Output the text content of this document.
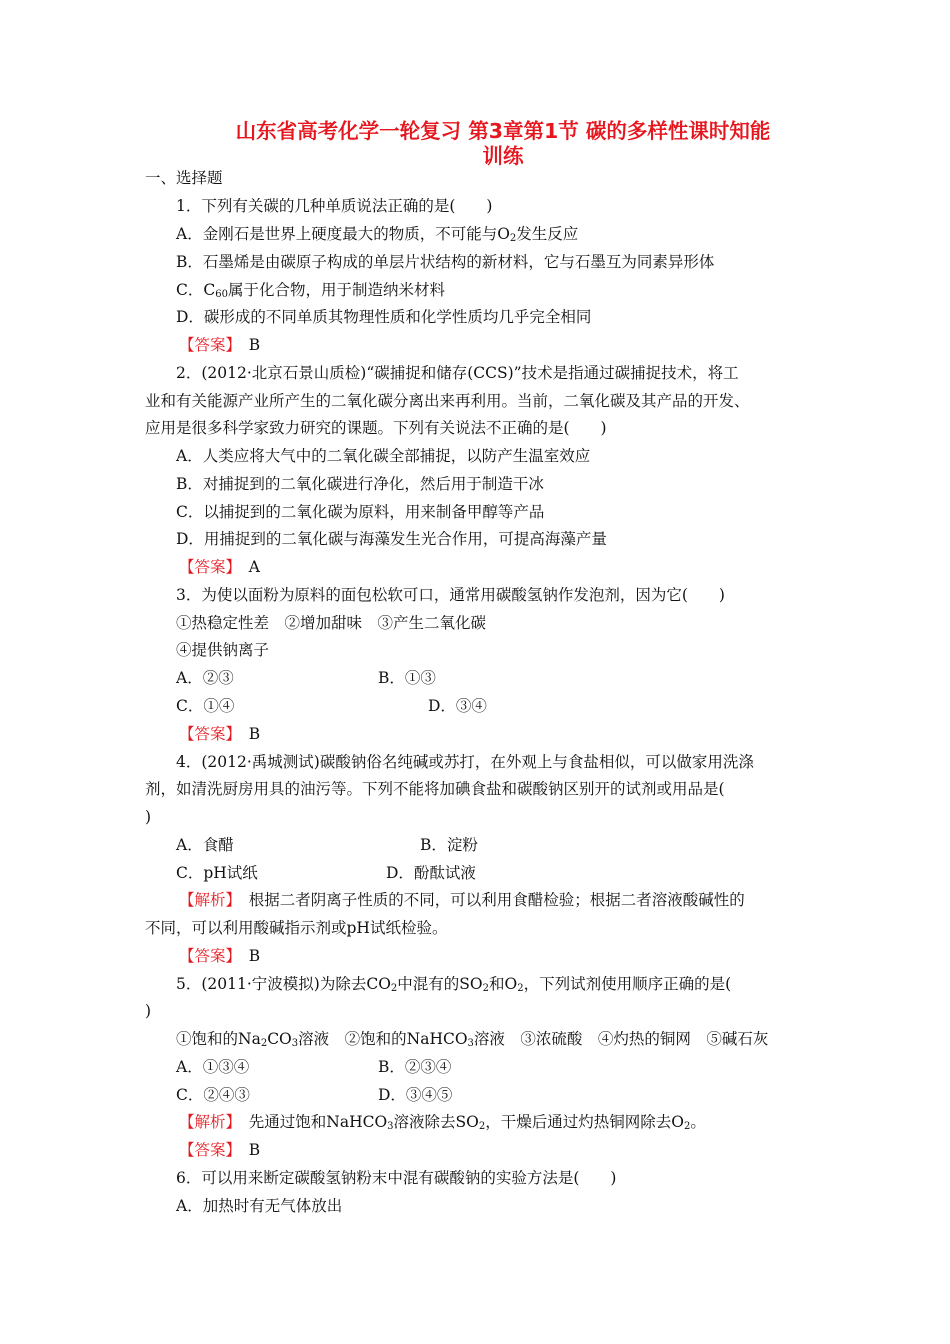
山东省高考化学一轮复习 第3章第1节 碳的多样性课时知能
训练
一、选择题
1．下列有关碳的几种单质说法正确的是(　　)
A．金刚石是世界上硬度最大的物质，不可能与$O_2$发生反应
B．石墨烯是由碳原子构成的单层片状结构的新材料，它与石墨互为同素异形体
C．$C_{60}$属于化合物，用于制造纳米材料
D．碳形成的不同单质其物理性质和化学性质均几乎完全相同
【答案】　 B
2．(2012·北京石景山质检)“碳捕捉和储存(CCS)”技术是指通过碳捕捉技术，将工
业和有关能源产业所产生的二氧化碳分离出来再利用。当前，二氧化碳及其产品的开发、
应用是很多科学家致力研究的课题。下列有关说法不正确的是(　　)
A．人类应将大气中的二氧化碳全部捕捉，以防产生温室效应
B．对捕捉到的二氧化碳进行净化，然后用于制造干冰
C．以捕捉到的二氧化碳为原料，用来制备甲醇等产品
D．用捕捉到的二氧化碳与海藻发生光合作用，可提高海藻产量
【答案】　 A
3．为使以面粉为原料的面包松软可口，通常用碳酸氢钠作发泡剂，因为它(　　)
①热稳定性差　②增加甜味　③产生二氧化碳
④提供钠离子
A．②③	B．①③
C．①④	D．③④
【答案】　 B
4．(2012·禹城测试)碳酸钠俗名纯碱或苏打，在外观上与食盐相似，可以做家用洗涤
剂，如清洗厨房用具的油污等。下列不能将加碘食盐和碳酸钠区别开的试剂或用品是(
)
A．食醋	B．淀粉
C．pH试纸	D．酚酞试液
【解析】　 根据二者阴离子性质的不同，可以利用食醋检验；根据二者溶液酸碱性的
不同，可以利用酸碱指示剂或pH试纸检验。
【答案】　 B
5．(2011·宁波模拟)为除去$CO_2$中混有的$SO_2$和$O_2$，下列试剂使用顺序正确的是(
)
①饱和的$Na_2CO_3$溶液　②饱和的NaHCO$_3$溶液　③浓硫酸　④灼热的铜网　⑤碱石灰
A．①③④	B．②③④
C．②④③	D．③④⑤
【解析】　 先通过饱和NaHCO$_3$溶液除去$SO_2$，干燥后通过灼热铜网除去$O_2$。
【答案】　 B
6．可以用来断定碳酸氢钠粉末中混有碳酸钠的实验方法是(　　)
A．加热时有无气体放出
